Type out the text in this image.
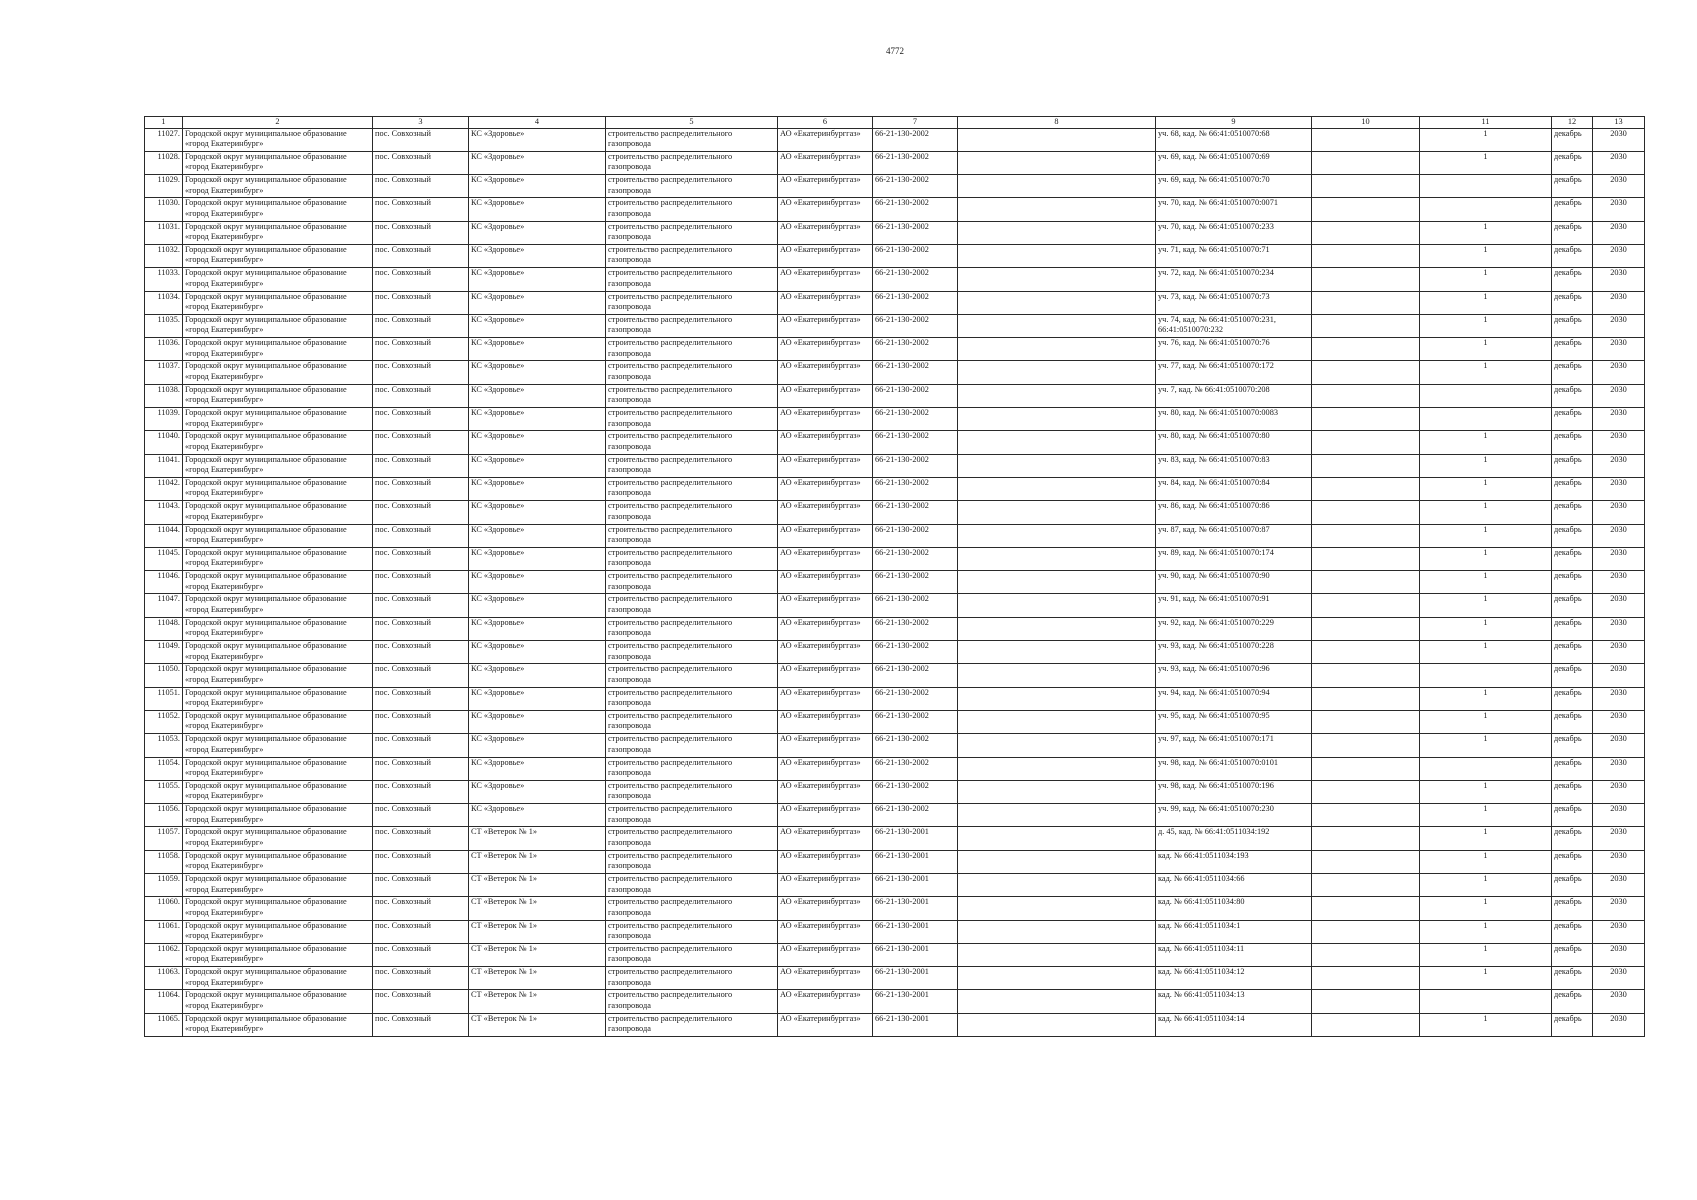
4772
1	2	3	4	5	6	7	8	9	10	11	12	13
11027.	Городской округ муниципальное образование «город Екатеринбург»	пос. Совхозный	КС «Здоровье»	строительство распределительного газопровода	АО «Екатеринбурггаз»	66-21-130-2002		уч. 68, кад. № 66:41:0510070:68		1	декабрь	2030
11028.	Городской округ муниципальное образование «город Екатеринбург»	пос. Совхозный	КС «Здоровье»	строительство распределительного газопровода	АО «Екатеринбурггаз»	66-21-130-2002		уч. 69, кад. № 66:41:0510070:69		1	декабрь	2030
11029.	Городской округ муниципальное образование «город Екатеринбург»	пос. Совхозный	КС «Здоровье»	строительство распределительного газопровода	АО «Екатеринбурггаз»	66-21-130-2002		уч. 69, кад. № 66:41:0510070:70			декабрь	2030
11030.	Городской округ муниципальное образование «город Екатеринбург»	пос. Совхозный	КС «Здоровье»	строительство распределительного газопровода	АО «Екатеринбурггаз»	66-21-130-2002		уч. 70, кад. № 66:41:0510070:0071			декабрь	2030
11031.	Городской округ муниципальное образование «город Екатеринбург»	пос. Совхозный	КС «Здоровье»	строительство распределительного газопровода	АО «Екатеринбурггаз»	66-21-130-2002		уч. 70, кад. № 66:41:0510070:233		1	декабрь	2030
11032.	Городской округ муниципальное образование «город Екатеринбург»	пос. Совхозный	КС «Здоровье»	строительство распределительного газопровода	АО «Екатеринбурггаз»	66-21-130-2002		уч. 71, кад. № 66:41:0510070:71		1	декабрь	2030
11033.	Городской округ муниципальное образование «город Екатеринбург»	пос. Совхозный	КС «Здоровье»	строительство распределительного газопровода	АО «Екатеринбурггаз»	66-21-130-2002		уч. 72, кад. № 66:41:0510070:234		1	декабрь	2030
11034.	Городской округ муниципальное образование «город Екатеринбург»	пос. Совхозный	КС «Здоровье»	строительство распределительного газопровода	АО «Екатеринбурггаз»	66-21-130-2002		уч. 73, кад. № 66:41:0510070:73		1	декабрь	2030
11035.	Городской округ муниципальное образование «город Екатеринбург»	пос. Совхозный	КС «Здоровье»	строительство распределительного газопровода	АО «Екатеринбурггаз»	66-21-130-2002		уч. 74, кад. № 66:41:0510070:231, 66:41:0510070:232		1	декабрь	2030
11036.	Городской округ муниципальное образование «город Екатеринбург»	пос. Совхозный	КС «Здоровье»	строительство распределительного газопровода	АО «Екатеринбурггаз»	66-21-130-2002		уч. 76, кад. № 66:41:0510070:76		1	декабрь	2030
11037.	Городской округ муниципальное образование «город Екатеринбург»	пос. Совхозный	КС «Здоровье»	строительство распределительного газопровода	АО «Екатеринбурггаз»	66-21-130-2002		уч. 77, кад. № 66:41:0510070:172		1	декабрь	2030
11038.	Городской округ муниципальное образование «город Екатеринбург»	пос. Совхозный	КС «Здоровье»	строительство распределительного газопровода	АО «Екатеринбурггаз»	66-21-130-2002		уч. 7, кад. № 66:41:0510070:208			декабрь	2030
11039.	Городской округ муниципальное образование «город Екатеринбург»	пос. Совхозный	КС «Здоровье»	строительство распределительного газопровода	АО «Екатеринбурггаз»	66-21-130-2002		уч. 80, кад. № 66:41:0510070:0083			декабрь	2030
11040.	Городской округ муниципальное образование «город Екатеринбург»	пос. Совхозный	КС «Здоровье»	строительство распределительного газопровода	АО «Екатеринбурггаз»	66-21-130-2002		уч. 80, кад. № 66:41:0510070:80		1	декабрь	2030
11041.	Городской округ муниципальное образование «город Екатеринбург»	пос. Совхозный	КС «Здоровье»	строительство распределительного газопровода	АО «Екатеринбурггаз»	66-21-130-2002		уч. 83, кад. № 66:41:0510070:83		1	декабрь	2030
11042.	Городской округ муниципальное образование «город Екатеринбург»	пос. Совхозный	КС «Здоровье»	строительство распределительного газопровода	АО «Екатеринбурггаз»	66-21-130-2002		уч. 84, кад. № 66:41:0510070:84		1	декабрь	2030
11043.	Городской округ муниципальное образование «город Екатеринбург»	пос. Совхозный	КС «Здоровье»	строительство распределительного газопровода	АО «Екатеринбурггаз»	66-21-130-2002		уч. 86, кад. № 66:41:0510070:86		1	декабрь	2030
11044.	Городской округ муниципальное образование «город Екатеринбург»	пос. Совхозный	КС «Здоровье»	строительство распределительного газопровода	АО «Екатеринбурггаз»	66-21-130-2002		уч. 87, кад. № 66:41:0510070:87		1	декабрь	2030
11045.	Городской округ муниципальное образование «город Екатеринбург»	пос. Совхозный	КС «Здоровье»	строительство распределительного газопровода	АО «Екатеринбурггаз»	66-21-130-2002		уч. 89, кад. № 66:41:0510070:174		1	декабрь	2030
11046.	Городской округ муниципальное образование «город Екатеринбург»	пос. Совхозный	КС «Здоровье»	строительство распределительного газопровода	АО «Екатеринбурггаз»	66-21-130-2002		уч. 90, кад. № 66:41:0510070:90		1	декабрь	2030
11047.	Городской округ муниципальное образование «город Екатеринбург»	пос. Совхозный	КС «Здоровье»	строительство распределительного газопровода	АО «Екатеринбурггаз»	66-21-130-2002		уч. 91, кад. № 66:41:0510070:91		1	декабрь	2030
11048.	Городской округ муниципальное образование «город Екатеринбург»	пос. Совхозный	КС «Здоровье»	строительство распределительного газопровода	АО «Екатеринбурггаз»	66-21-130-2002		уч. 92, кад. № 66:41:0510070:229		1	декабрь	2030
11049.	Городской округ муниципальное образование «город Екатеринбург»	пос. Совхозный	КС «Здоровье»	строительство распределительного газопровода	АО «Екатеринбурггаз»	66-21-130-2002		уч. 93, кад. № 66:41:0510070:228		1	декабрь	2030
11050.	Городской округ муниципальное образование «город Екатеринбург»	пос. Совхозный	КС «Здоровье»	строительство распределительного газопровода	АО «Екатеринбурггаз»	66-21-130-2002		уч. 93, кад. № 66:41:0510070:96			декабрь	2030
11051.	Городской округ муниципальное образование «город Екатеринбург»	пос. Совхозный	КС «Здоровье»	строительство распределительного газопровода	АО «Екатеринбурггаз»	66-21-130-2002		уч. 94, кад. № 66:41:0510070:94		1	декабрь	2030
11052.	Городской округ муниципальное образование «город Екатеринбург»	пос. Совхозный	КС «Здоровье»	строительство распределительного газопровода	АО «Екатеринбурггаз»	66-21-130-2002		уч. 95, кад. № 66:41:0510070:95		1	декабрь	2030
11053.	Городской округ муниципальное образование «город Екатеринбург»	пос. Совхозный	КС «Здоровье»	строительство распределительного газопровода	АО «Екатеринбурггаз»	66-21-130-2002		уч. 97, кад. № 66:41:0510070:171		1	декабрь	2030
11054.	Городской округ муниципальное образование «город Екатеринбург»	пос. Совхозный	КС «Здоровье»	строительство распределительного газопровода	АО «Екатеринбурггаз»	66-21-130-2002		уч. 98, кад. № 66:41:0510070:0101			декабрь	2030
11055.	Городской округ муниципальное образование «город Екатеринбург»	пос. Совхозный	КС «Здоровье»	строительство распределительного газопровода	АО «Екатеринбурггаз»	66-21-130-2002		уч. 98, кад. № 66:41:0510070:196		1	декабрь	2030
11056.	Городской округ муниципальное образование «город Екатеринбург»	пос. Совхозный	КС «Здоровье»	строительство распределительного газопровода	АО «Екатеринбурггаз»	66-21-130-2002		уч. 99, кад. № 66:41:0510070:230		1	декабрь	2030
11057.	Городской округ муниципальное образование «город Екатеринбург»	пос. Совхозный	СТ «Ветерок № 1»	строительство распределительного газопровода	АО «Екатеринбурггаз»	66-21-130-2001		д. 45, кад. № 66:41:0511034:192		1	декабрь	2030
11058.	Городской округ муниципальное образование «город Екатеринбург»	пос. Совхозный	СТ «Ветерок № 1»	строительство распределительного газопровода	АО «Екатеринбурггаз»	66-21-130-2001		кад. № 66:41:0511034:193		1	декабрь	2030
11059.	Городской округ муниципальное образование «город Екатеринбург»	пос. Совхозный	СТ «Ветерок № 1»	строительство распределительного газопровода	АО «Екатеринбурггаз»	66-21-130-2001		кад. № 66:41:0511034:66		1	декабрь	2030
11060.	Городской округ муниципальное образование «город Екатеринбург»	пос. Совхозный	СТ «Ветерок № 1»	строительство распределительного газопровода	АО «Екатеринбурггаз»	66-21-130-2001		кад. № 66:41:0511034:80		1	декабрь	2030
11061.	Городской округ муниципальное образование «город Екатеринбург»	пос. Совхозный	СТ «Ветерок № 1»	строительство распределительного газопровода	АО «Екатеринбурггаз»	66-21-130-2001		кад. № 66:41:0511034:1		1	декабрь	2030
11062.	Городской округ муниципальное образование «город Екатеринбург»	пос. Совхозный	СТ «Ветерок № 1»	строительство распределительного газопровода	АО «Екатеринбурггаз»	66-21-130-2001		кад. № 66:41:0511034:11		1	декабрь	2030
11063.	Городской округ муниципальное образование «город Екатеринбург»	пос. Совхозный	СТ «Ветерок № 1»	строительство распределительного газопровода	АО «Екатеринбурггаз»	66-21-130-2001		кад. № 66:41:0511034:12		1	декабрь	2030
11064.	Городской округ муниципальное образование «город Екатеринбург»	пос. Совхозный	СТ «Ветерок № 1»	строительство распределительного газопровода	АО «Екатеринбурггаз»	66-21-130-2001		кад. № 66:41:0511034:13			декабрь	2030
11065.	Городской округ муниципальное образование «город Екатеринбург»	пос. Совхозный	СТ «Ветерок № 1»	строительство распределительного газопровода	АО «Екатеринбурггаз»	66-21-130-2001		кад. № 66:41:0511034:14		1	декабрь	2030
